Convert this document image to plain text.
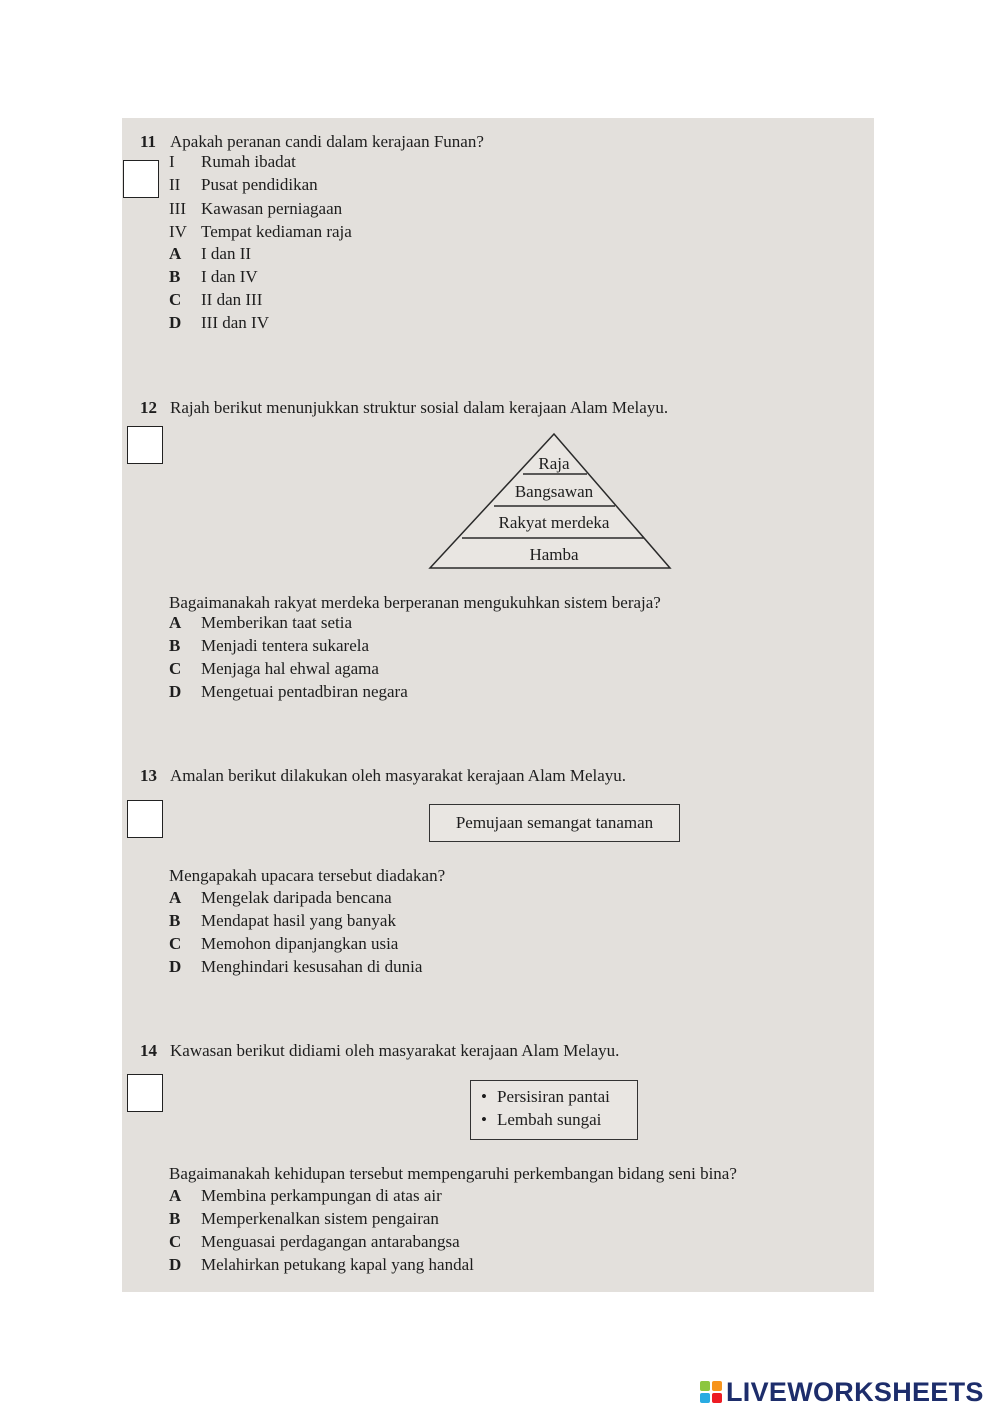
11 Apakah peranan candi dalam kerajaan Funan?
I Rumah ibadat
II Pusat pendidikan
III Kawasan perniagaan
IV Tempat kediaman raja
A I dan II
B I dan IV
C II dan III
D III dan IV
12 Rajah berikut menunjukkan struktur sosial dalam kerajaan Alam Melayu.
Raja
Bangsawan
Rakyat merdeka
Hamba
Bagaimanakah rakyat merdeka berperanan mengukuhkan sistem beraja?
A Memberikan taat setia
B Menjadi tentera sukarela
C Menjaga hal ehwal agama
D Mengetuai pentadbiran negara
13 Amalan berikut dilakukan oleh masyarakat kerajaan Alam Melayu.
Pemujaan semangat tanaman
Mengapakah upacara tersebut diadakan?
A Mengelak daripada bencana
B Mendapat hasil yang banyak
C Memohon dipanjangkan usia
D Menghindari kesusahan di dunia
14 Kawasan berikut didiami oleh masyarakat kerajaan Alam Melayu.
• Persisiran pantai
• Lembah sungai
Bagaimanakah kehidupan tersebut mempengaruhi perkembangan bidang seni bina?
A Membina perkampungan di atas air
B Memperkenalkan sistem pengairan
C Menguasai perdagangan antarabangsa
D Melahirkan petukang kapal yang handal
LIVEWORKSHEETS
